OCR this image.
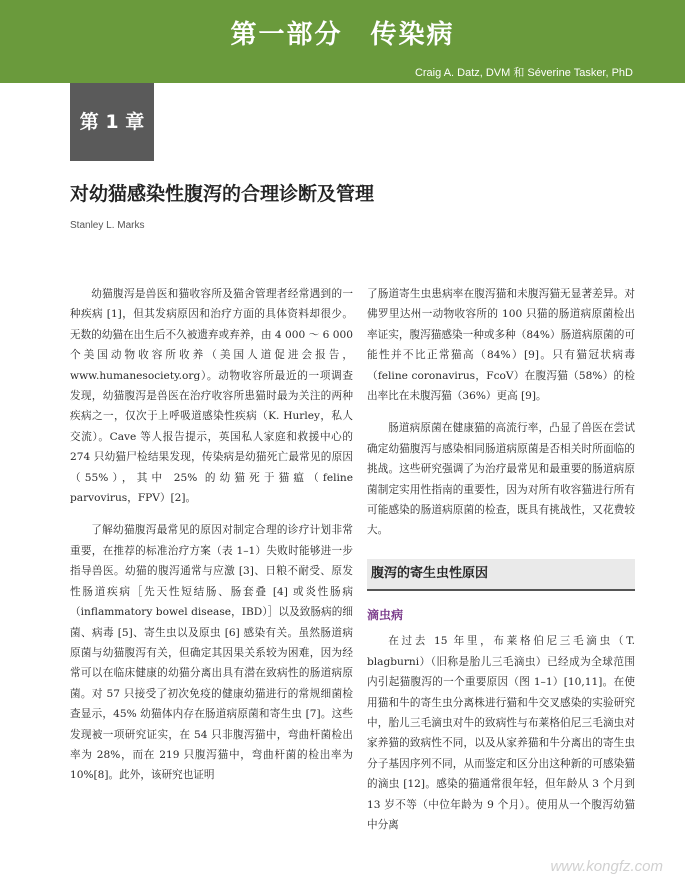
第一部分　传染病
Craig A. Datz, DVM 和 Séverine Tasker, PhD
第 1 章
对幼猫感染性腹泻的合理诊断及管理
Stanley L. Marks

幼猫腹泻是兽医和猫收容所及猫舍管理者经常遇到的一种疾病 [1]，但其发病原因和治疗方面的具体资料却很少。无数的幼猫在出生后不久被遗弃或弃养，由 4 000 ～ 6 000 个美国动物收容所收养（美国人道促进会报告，www.humanesociety.org）。动物收容所最近的一项调查发现，幼猫腹泻是兽医在治疗收容所患猫时最为关注的两种疾病之一，仅次于上呼吸道感染性疾病（K. Hurley，私人交流）。Cave 等人报告提示，英国私人家庭和救援中心的 274 只幼猫尸检结果发现，传染病是幼猫死亡最常见的原因（55%），其中 25% 的幼猫死于猫瘟（feline parvovirus，FPV）[2]。

了解幼猫腹泻最常见的原因对制定合理的诊疗计划非常重要，在推荐的标准治疗方案（表 1–1）失败时能够进一步指导兽医。幼猫的腹泻通常与应激 [3]、日粮不耐受、原发性肠道疾病［先天性短结肠、肠套叠 [4] 或炎性肠病（inflammatory bowel disease，IBD）］以及致肠病的细菌、病毒 [5]、寄生虫以及原虫 [6] 感染有关。虽然肠道病原菌与幼猫腹泻有关，但确定其因果关系较为困难，因为经常可以在临床健康的幼猫分离出具有潜在致病性的肠道病原菌。对 57 只接受了初次免疫的健康幼猫进行的常规细菌检查显示，45% 幼猫体内存在肠道病原菌和寄生虫 [7]。这些发现被一项研究证实，在 54 只非腹泻猫中，弯曲杆菌检出率为 28%，而在 219 只腹泻猫中，弯曲杆菌的检出率为 10%[8]。此外，该研究也证明

了肠道寄生虫患病率在腹泻猫和未腹泻猫无显著差异。对佛罗里达州一动物收容所的 100 只猫的肠道病原菌检出率证实，腹泻猫感染一种或多种（84%）肠道病原菌的可能性并不比正常猫高（84%）[9]。只有猫冠状病毒（feline coronavirus，FcoV）在腹泻猫（58%）的检出率比在未腹泻猫（36%）更高 [9]。

肠道病原菌在健康猫的高流行率，凸显了兽医在尝试确定幼猫腹泻与感染相同肠道病原菌是否相关时所面临的挑战。这些研究强调了为治疗最常见和最重要的肠道病原菌制定实用性指南的重要性，因为对所有收容猫进行所有可能感染的肠道病原菌的检查，既具有挑战性，又花费较大。

腹泻的寄生虫性原因
滴虫病

在过去 15 年里，布莱格伯尼三毛滴虫（T. blagburni）（旧称是胎儿三毛滴虫）已经成为全球范围内引起猫腹泻的一个重要原因（图 1–1）[10,11]。在使用猫和牛的寄生虫分离株进行猫和牛交叉感染的实验研究中，胎儿三毛滴虫对牛的致病性与布莱格伯尼三毛滴虫对家养猫的致病性不同，以及从家养猫和牛分离出的寄生虫分子基因序列不同，从而鉴定和区分出这种新的可感染猫的滴虫 [12]。感染的猫通常很年轻，但年龄从 3 个月到 13 岁不等（中位年龄为 9 个月）。使用从一个腹泻幼猫中分离

www.kongfz.com
